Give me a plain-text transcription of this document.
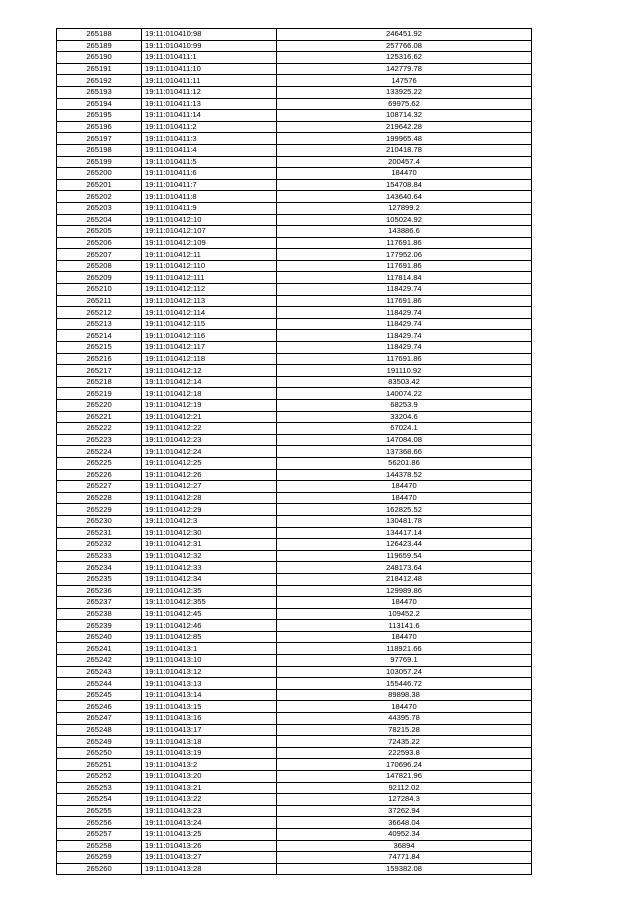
265188	19:11:010410:98	246451.92
265189	19:11:010410:99	257766.08
265190	19:11:010411:1	125316.62
265191	19:11:010411:10	142779.78
265192	19:11:010411:11	147576
265193	19:11:010411:12	133925.22
265194	19:11:010411:13	69975.62
265195	19:11:010411:14	108714.32
265196	19:11:010411:2	219642.28
265197	19:11:010411:3	199965.48
265198	19:11:010411:4	210418.78
265199	19:11:010411:5	200457.4
265200	19:11:010411:6	184470
265201	19:11:010411:7	154708.84
265202	19:11:010411:8	143640.64
265203	19:11:010411:9	127899.2
265204	19:11:010412:10	105024.92
265205	19:11:010412:107	143886.6
265206	19:11:010412:109	117691.86
265207	19:11:010412:11	177952.06
265208	19:11:010412:110	117691.86
265209	19:11:010412:111	117814.84
265210	19:11:010412:112	118429.74
265211	19:11:010412:113	117691.86
265212	19:11:010412:114	118429.74
265213	19:11:010412:115	118429.74
265214	19:11:010412:116	118429.74
265215	19:11:010412:117	118429.74
265216	19:11:010412:118	117691.86
265217	19:11:010412:12	191110.92
265218	19:11:010412:14	83503.42
265219	19:11:010412:18	140074.22
265220	19:11:010412:19	68253.9
265221	19:11:010412:21	33204.6
265222	19:11:010412:22	67024.1
265223	19:11:010412:23	147084.08
265224	19:11:010412:24	137368.66
265225	19:11:010412:25	56201.86
265226	19:11:010412:26	144378.52
265227	19:11:010412:27	184470
265228	19:11:010412:28	184470
265229	19:11:010412:29	162825.52
265230	19:11:010412:3	130481.78
265231	19:11:010412:30	134417.14
265232	19:11:010412:31	126423.44
265233	19:11:010412:32	119659.54
265234	19:11:010412:33	248173.64
265235	19:11:010412:34	218412.48
265236	19:11:010412:35	129989.86
265237	19:11:010412:355	184470
265238	19:11:010412:45	109452.2
265239	19:11:010412:46	113141.6
265240	19:11:010412:85	184470
265241	19:11:010413:1	118921.66
265242	19:11:010413:10	97769.1
265243	19:11:010413:12	103057.24
265244	19:11:010413:13	155446.72
265245	19:11:010413:14	89898.38
265246	19:11:010413:15	184470
265247	19:11:010413:16	44395.78
265248	19:11:010413:17	78215.28
265249	19:11:010413:18	72435.22
265250	19:11:010413:19	222593.8
265251	19:11:010413:2	170696.24
265252	19:11:010413:20	147821.96
265253	19:11:010413:21	92112.02
265254	19:11:010413:22	127284.3
265255	19:11:010413:23	37262.94
265256	19:11:010413:24	36648.04
265257	19:11:010413:25	40952.34
265258	19:11:010413:26	36894
265259	19:11:010413:27	74771.84
265260	19:11:010413:28	159382.08
